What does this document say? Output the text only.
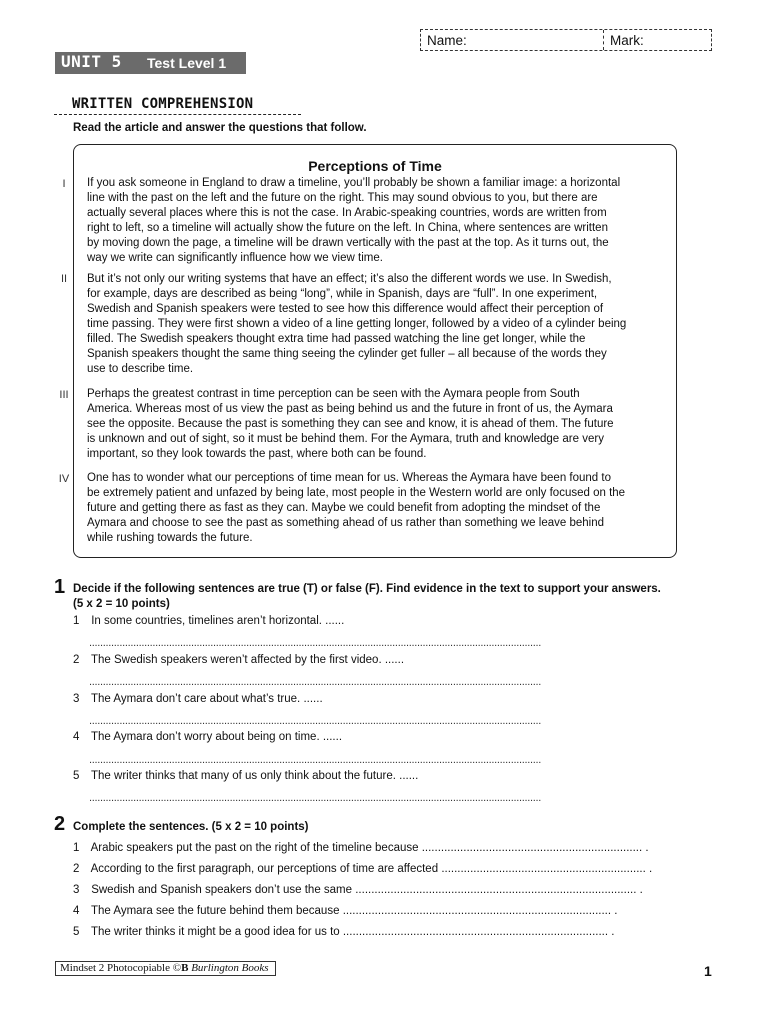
Name:	Mark:
UNIT 5 Test Level 1
WRITTEN COMPREHENSION
Read the article and answer the questions that follow.
Perceptions of Time
I	If you ask someone in England to draw a timeline, you’ll probably be shown a familiar image: a horizontal
line with the past on the left and the future on the right. This may sound obvious to you, but there are
actually several places where this is not the case. In Arabic-speaking countries, words are written from
right to left, so a timeline will actually show the future on the left. In China, where sentences are written
by moving down the page, a timeline will be drawn vertically with the past at the top. As it turns out, the
way we write can significantly influence how we view time.
II	But it’s not only our writing systems that have an effect; it’s also the different words we use. In Swedish,
for example, days are described as being “long”, while in Spanish, days are “full”. In one experiment,
Swedish and Spanish speakers were tested to see how this difference would affect their perception of
time passing. They were first shown a video of a line getting longer, followed by a video of a cylinder being
filled. The Swedish speakers thought extra time had passed watching the line get longer, while the
Spanish speakers thought the same thing seeing the cylinder get fuller – all because of the words they
use to describe time.
III Perhaps the greatest contrast in time perception can be seen with the Aymara people from South
America. Whereas most of us view the past as being behind us and the future in front of us, the Aymara
see the opposite. Because the past is something they can see and know, it is ahead of them. The future
is unknown and out of sight, so it must be behind them. For the Aymara, truth and knowledge are very
important, so they look towards the past, where both can be found.
IV One has to wonder what our perceptions of time mean for us. Whereas the Aymara have been found to
be extremely patient and unfazed by being late, most people in the Western world are only focused on the
future and getting there as fast as they can. Maybe we could benefit from adopting the mindset of the
Aymara and choose to see the past as something ahead of us rather than something we leave behind
while rushing towards the future.
1 Decide if the following sentences are true (T) or false (F). Find evidence in the text to support your answers.
(5 x 2 = 10 points)
1 In some countries, timelines aren’t horizontal. ......
....................................................................................................................................................................
2 The Swedish speakers weren’t affected by the first video. ......
....................................................................................................................................................................
3 The Aymara don’t care about what’s true. ......
....................................................................................................................................................................
4 The Aymara don’t worry about being on time. ......
....................................................................................................................................................................
5 The writer thinks that many of us only think about the future. ......
....................................................................................................................................................................
2 Complete the sentences. (5 x 2 = 10 points)
1 Arabic speakers put the past on the right of the timeline because ..................................................................... .
2 According to the first paragraph, our perceptions of time are affected ................................................................ .
3 Swedish and Spanish speakers don’t use the same ........................................................................................ .
4 The Aymara see the future behind them because .................................................................................... .
5 The writer thinks it might be a good idea for us to ................................................................................... .
Mindset 2 Photocopiable ©B Burlington Books	1
